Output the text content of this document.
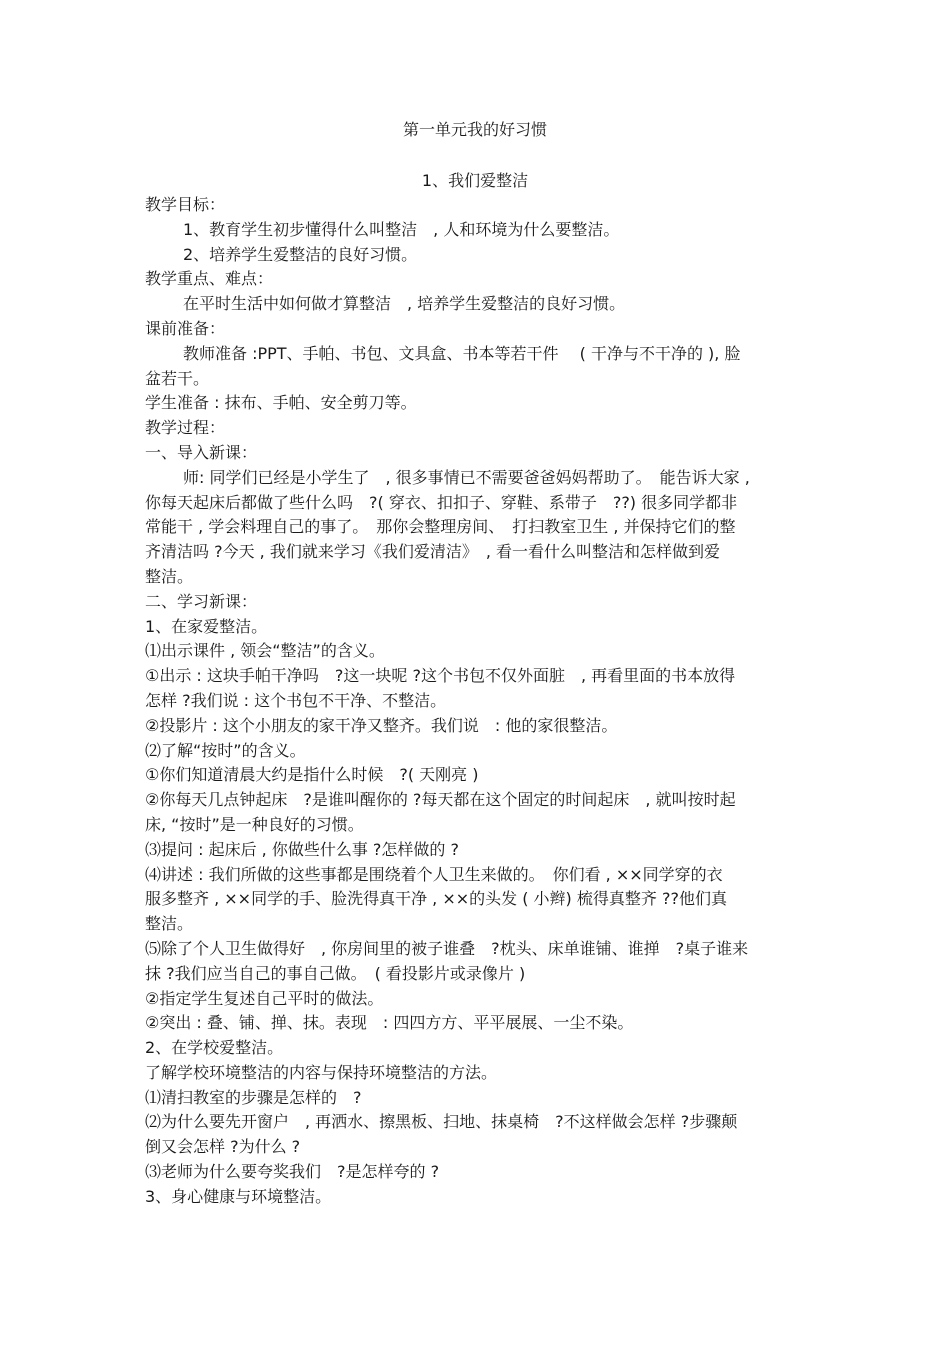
第一单元我的好习惯
1、我们爱整洁

教学目标：

1、教育学生初步懂得什么叫整洁　, 人和环境为什么要整洁。

2、培养学生爱整洁的良好习惯。

教学重点、难点：

在平时生活中如何做才算整洁　, 培养学生爱整洁的良好习惯。

课前准备：

教师准备 :PPT、手帕、书包、文具盒、书本等若干件　 ( 干净与不干净的 ), 脸

盆若干。

学生准备 : 抹布、手帕、安全剪刀等。

教学过程：

一、导入新课：

师: 同学们已经是小学生了　, 很多事情已不需要爸爸妈妈帮助了。　能告诉大家 ,

你每天起床后都做了些什么吗　?( 穿衣、扣扣子、穿鞋、系带子　??) 很多同学都非

常能干 , 学会料理自己的事了。　那你会整理房间、　打扫教室卫生 , 并保持它们的整

齐清洁吗 ?今天 , 我们就来学习《我们爱清洁》　, 看一看什么叫整洁和怎样做到爱

整洁。

二、学习新课：

1、在家爱整洁。

⑴出示课件 , 领会“整洁”的含义。

①出示 : 这块手帕干净吗　?这一块呢 ?这个书包不仅外面脏　, 再看里面的书本放得

怎样 ?我们说 : 这个书包不干净、不整洁。

②投影片 : 这个小朋友的家干净又整齐。我们说　: 他的家很整洁。

⑵了解“按时”的含义。

①你们知道清晨大约是指什么时候　?( 天刚亮 )

②你每天几点钟起床　?是谁叫醒你的 ?每天都在这个固定的时间起床　, 就叫按时起

床, “按时”是一种良好的习惯。

⑶提问 : 起床后 , 你做些什么事 ?怎样做的 ?

⑷讲述 : 我们所做的这些事都是围绕着个人卫生来做的。　你们看 , ××同学穿的衣

服多整齐 , ××同学的手、脸洗得真干净 , ××的头发 ( 小辫) 梳得真整齐 ??他们真

整洁。

⑸除了个人卫生做得好　, 你房间里的被子谁叠　?枕头、床单谁铺、谁掸　?桌子谁来

抹 ?我们应当自己的事自己做。　( 看投影片或录像片 )

②指定学生复述自己平时的做法。

②突出 : 叠、铺、掸、抹。表现　: 四四方方、平平展展、一尘不染。

2、在学校爱整洁。

了解学校环境整洁的内容与保持环境整洁的方法。

⑴清扫教室的步骤是怎样的　?

⑵为什么要先开窗户　, 再洒水、擦黑板、扫地、抹桌椅　?不这样做会怎样 ?步骤颠

倒又会怎样 ?为什么 ?

⑶老师为什么要夸奖我们　?是怎样夸的 ?

3、身心健康与环境整洁。
